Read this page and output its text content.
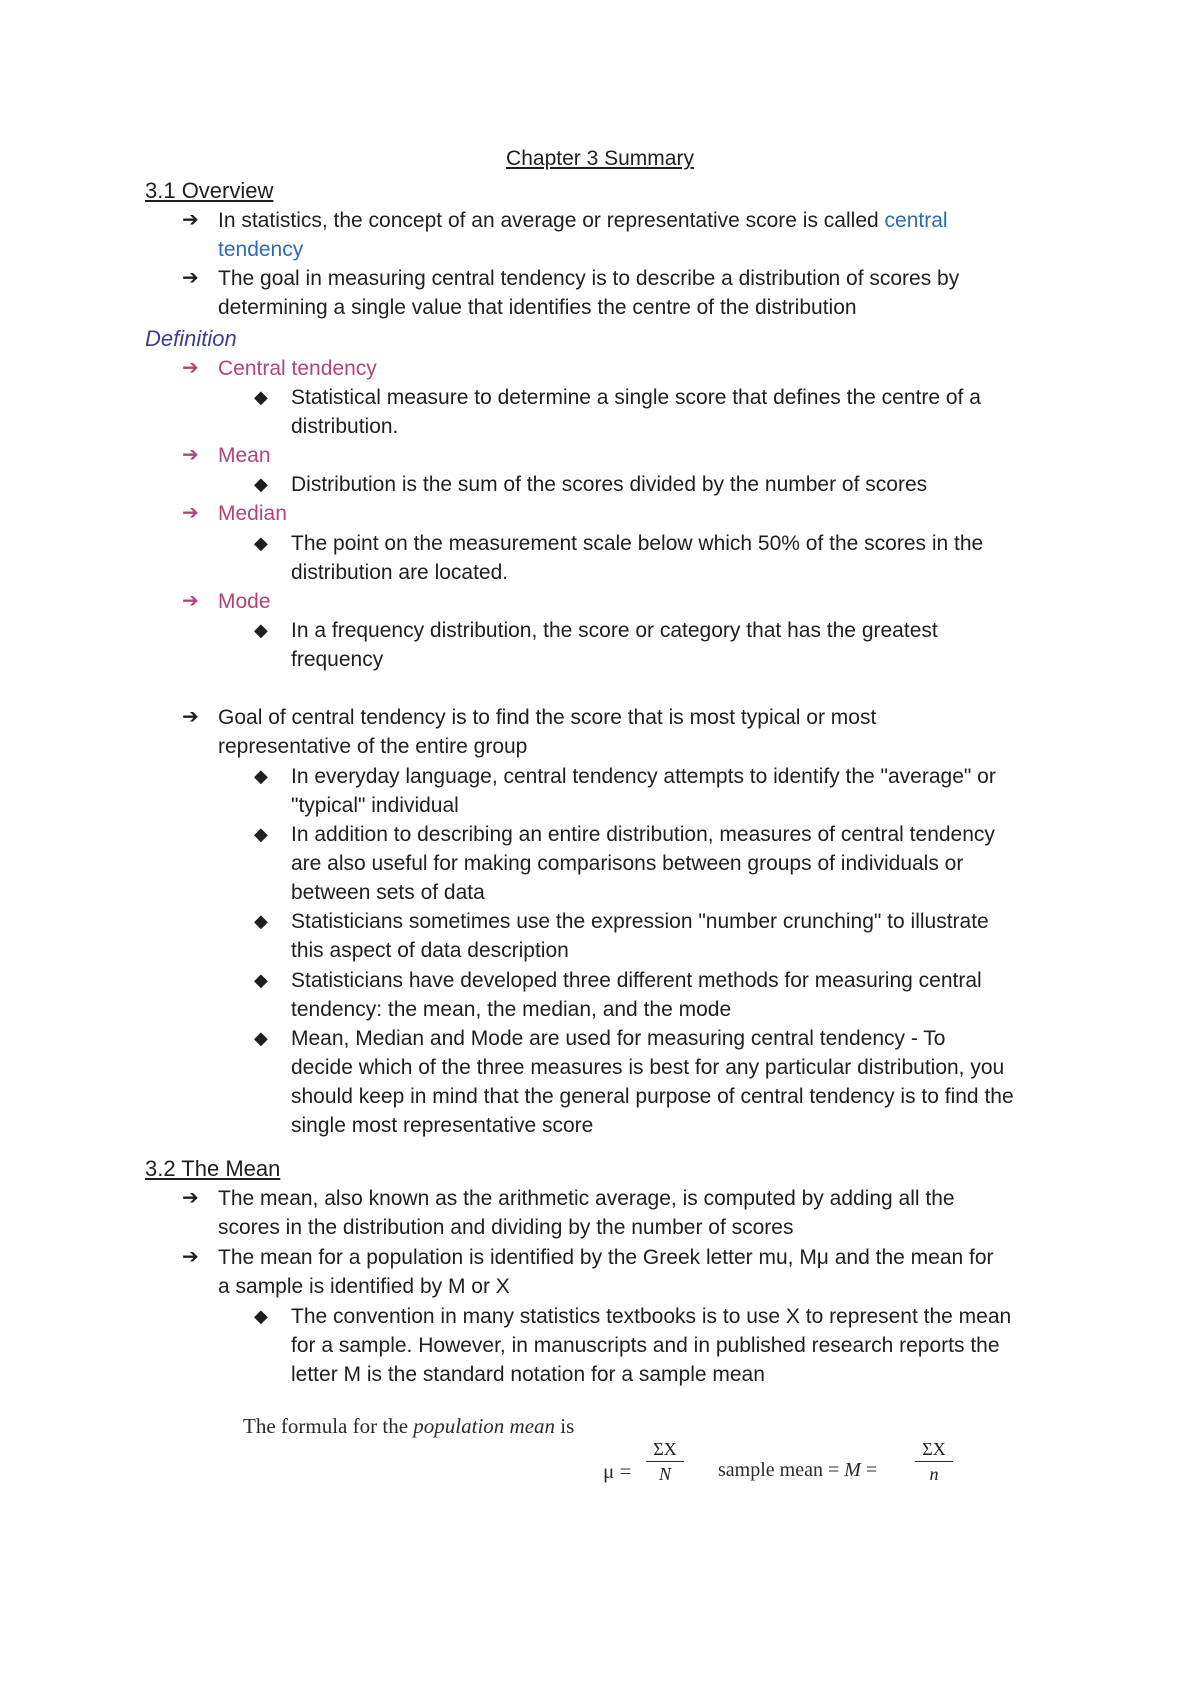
Chapter 3 Summary
3.1 Overview
➔ In statistics, the concept of an average or representative score is called central
tendency
➔ The goal in measuring central tendency is to describe a distribution of scores by
determining a single value that identifies the centre of the distribution
Definition
➔ Central tendency
◆ Statistical measure to determine a single score that defines the centre of a
distribution.
➔ Mean
◆ Distribution is the sum of the scores divided by the number of scores
➔ Median
◆ The point on the measurement scale below which 50% of the scores in the
distribution are located.
➔ Mode
◆ In a frequency distribution, the score or category that has the greatest
frequency
➔ Goal of central tendency is to find the score that is most typical or most
representative of the entire group
◆ In everyday language, central tendency attempts to identify the "average" or
"typical" individual
◆ In addition to describing an entire distribution, measures of central tendency
are also useful for making comparisons between groups of individuals or
between sets of data
◆ Statisticians sometimes use the expression "number crunching" to illustrate
this aspect of data description
◆ Statisticians have developed three different methods for measuring central
tendency: the mean, the median, and the mode
◆ Mean, Median and Mode are used for measuring central tendency - To
decide which of the three measures is best for any particular distribution, you
should keep in mind that the general purpose of central tendency is to find the
single most representative score
3.2 The Mean
➔ The mean, also known as the arithmetic average, is computed by adding all the
scores in the distribution and dividing by the number of scores
➔ The mean for a population is identified by the Greek letter mu, Mμ and the mean for
a sample is identified by M or X
◆ The convention in many statistics textbooks is to use X to represent the mean
for a sample. However, in manuscripts and in published research reports the
letter M is the standard notation for a sample mean
The formula for the population mean is
μ =
ΣX
N	sample mean = M =
ΣX
n
